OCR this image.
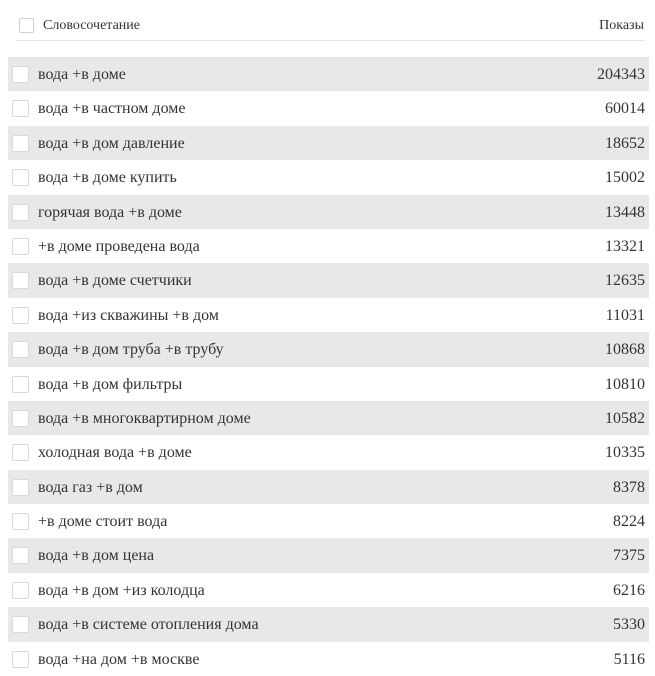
Словосочетание	Показы
вода +в доме	204343
вода +в частном доме	60014
вода +в дом давление	18652
вода +в доме купить	15002
горячая вода +в доме	13448
+в доме проведена вода	13321
вода +в доме счетчики	12635
вода +из скважины +в дом	11031
вода +в дом труба +в трубу	10868
вода +в дом фильтры	10810
вода +в многоквартирном доме	10582
холодная вода +в доме	10335
вода газ +в дом	8378
+в доме стоит вода	8224
вода +в дом цена	7375
вода +в дом +из колодца	6216
вода +в системе отопления дома	5330
вода +на дом +в москве	5116
